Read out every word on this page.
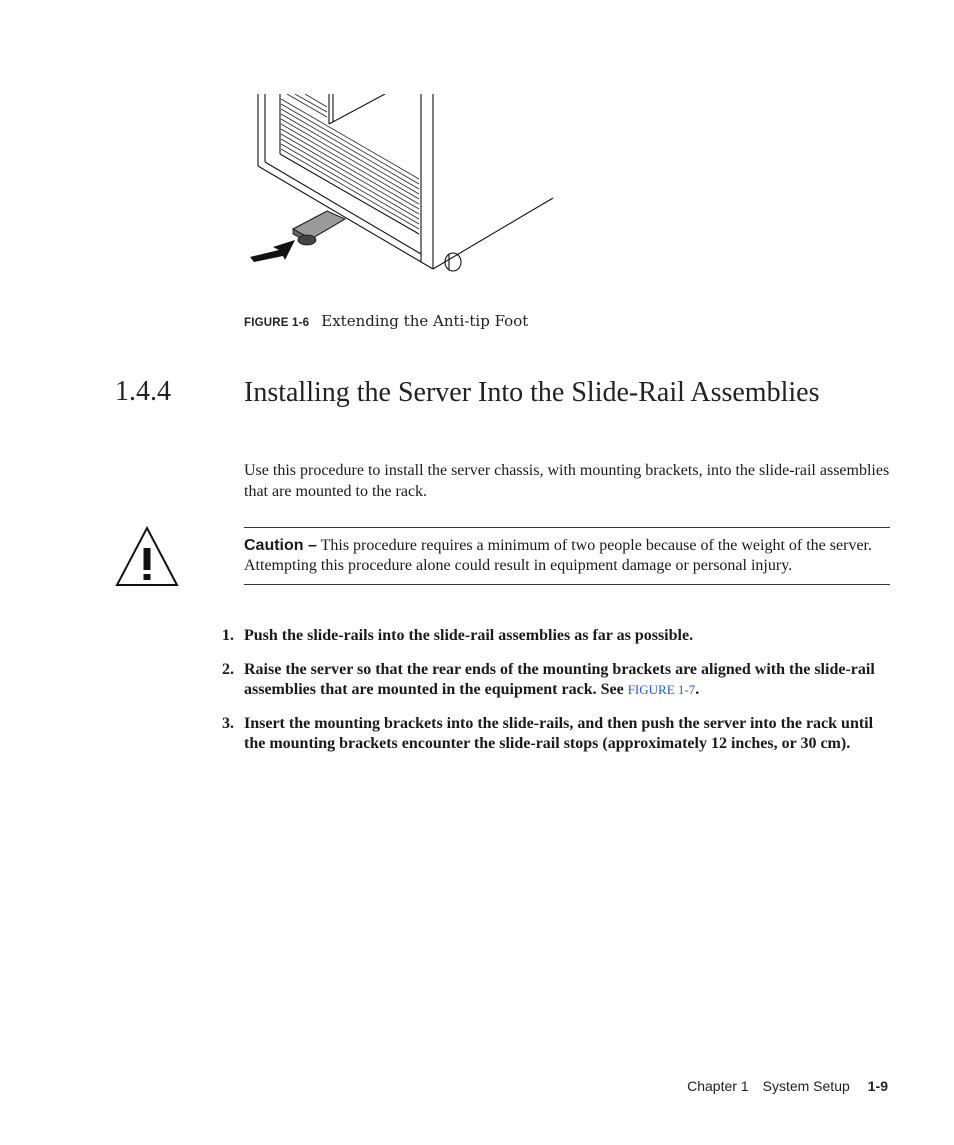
FIGURE 1-6 Extending the Anti-tip Foot
1.4.4	Installing the Server Into the Slide-Rail Assemblies

Use this procedure to install the server chassis, with mounting brackets, into the slide-rail assemblies that are mounted to the rack.

Caution – This procedure requires a minimum of two people because of the weight of the server. Attempting this procedure alone could result in equipment damage or personal injury.
1. Push the slide-rails into the slide-rail assemblies as far as possible.
2. Raise the server so that the rear ends of the mounting brackets are aligned with the slide-rail assemblies that are mounted in the equipment rack. See FIGURE 1-7.
3. Insert the mounting brackets into the slide-rails, and then push the server into the rack until the mounting brackets encounter the slide-rail stops (approximately 12 inches, or 30 cm).
Chapter 1 System Setup 1-9
